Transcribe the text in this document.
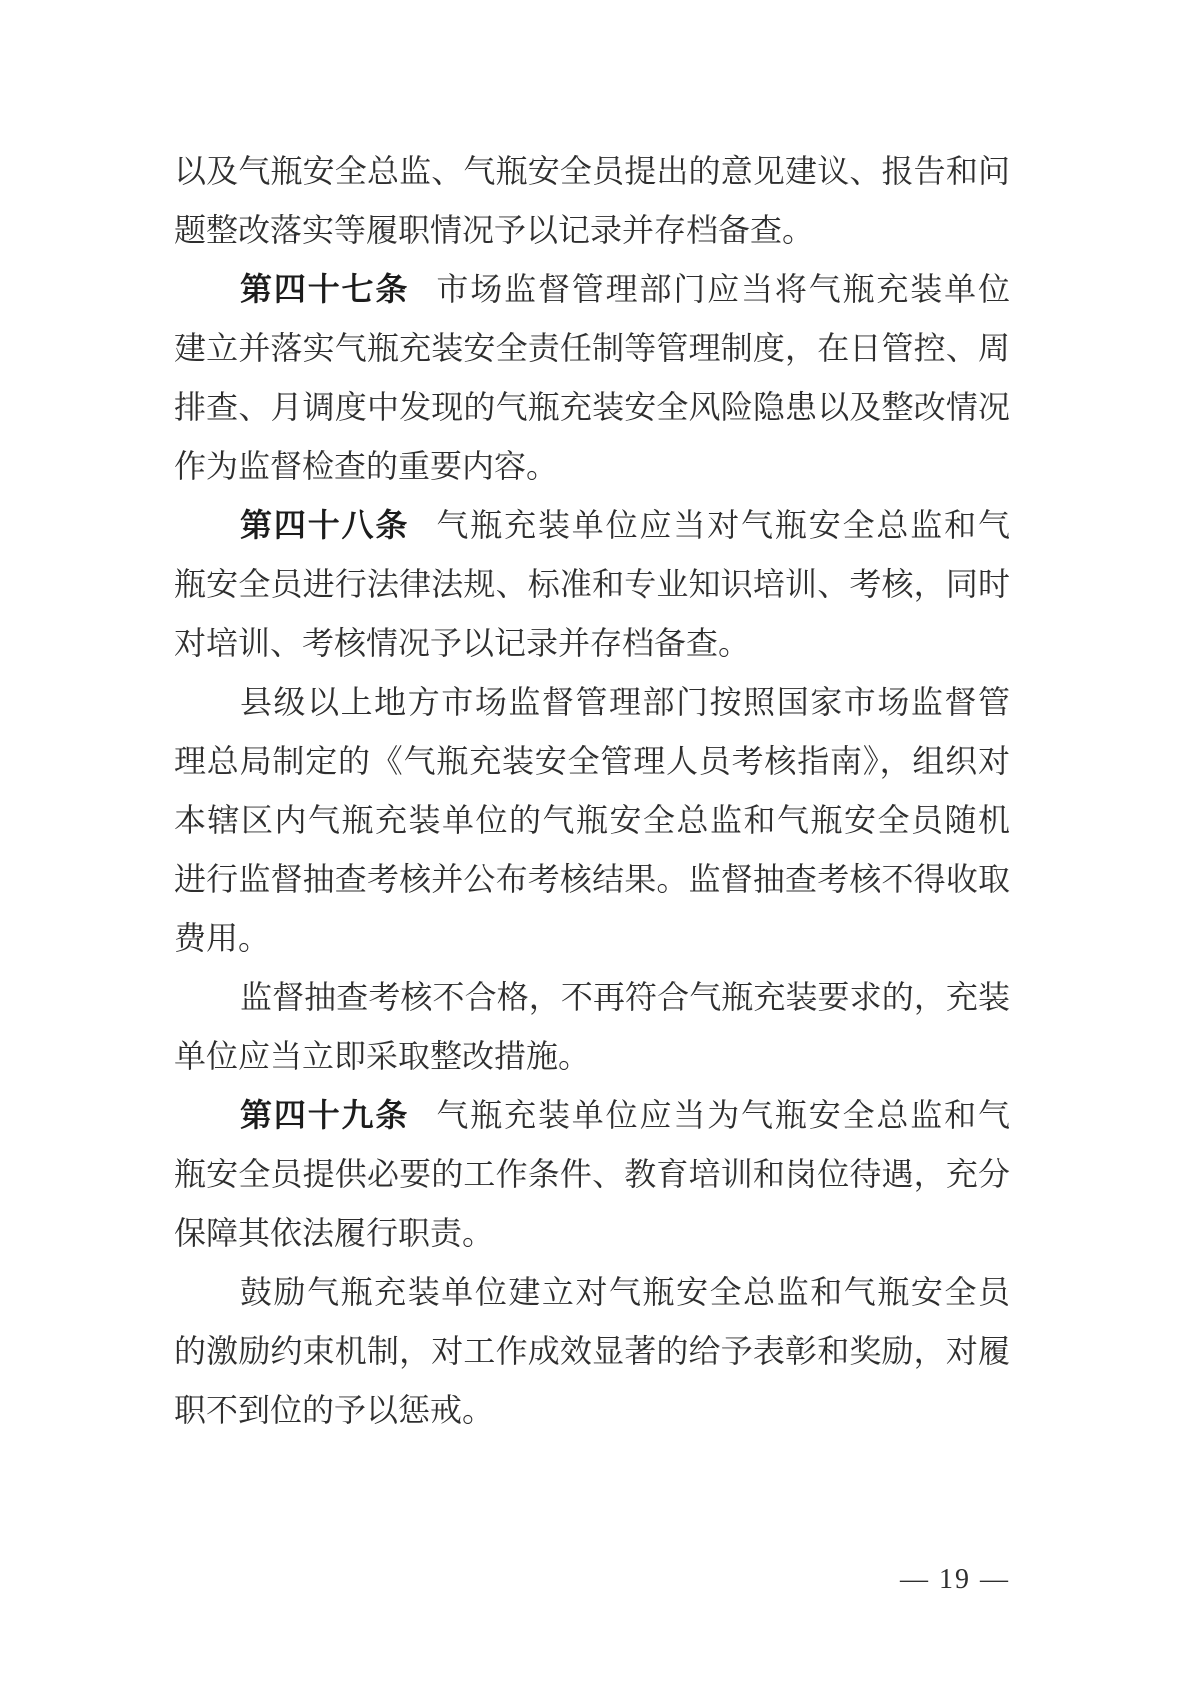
以及气瓶安全总监、气瓶安全员提出的意见建议、报告和问
题整改落实等履职情况予以记录并存档备查。
第四十七条 市场监督管理部门应当将气瓶充装单位
建立并落实气瓶充装安全责任制等管理制度，在日管控、周
排查、月调度中发现的气瓶充装安全风险隐患以及整改情况
作为监督检查的重要内容。
第四十八条 气瓶充装单位应当对气瓶安全总监和气
瓶安全员进行法律法规、标准和专业知识培训、考核，同时
对培训、考核情况予以记录并存档备查。
县级以上地方市场监督管理部门按照国家市场监督管
理总局制定的《气瓶充装安全管理人员考核指南》，组织对
本辖区内气瓶充装单位的气瓶安全总监和气瓶安全员随机
进行监督抽查考核并公布考核结果。监督抽查考核不得收取
费用。
监督抽查考核不合格，不再符合气瓶充装要求的，充装
单位应当立即采取整改措施。
第四十九条 气瓶充装单位应当为气瓶安全总监和气
瓶安全员提供必要的工作条件、教育培训和岗位待遇，充分
保障其依法履行职责。
鼓励气瓶充装单位建立对气瓶安全总监和气瓶安全员
的激励约束机制，对工作成效显著的给予表彰和奖励，对履
职不到位的予以惩戒。
— 19 —
